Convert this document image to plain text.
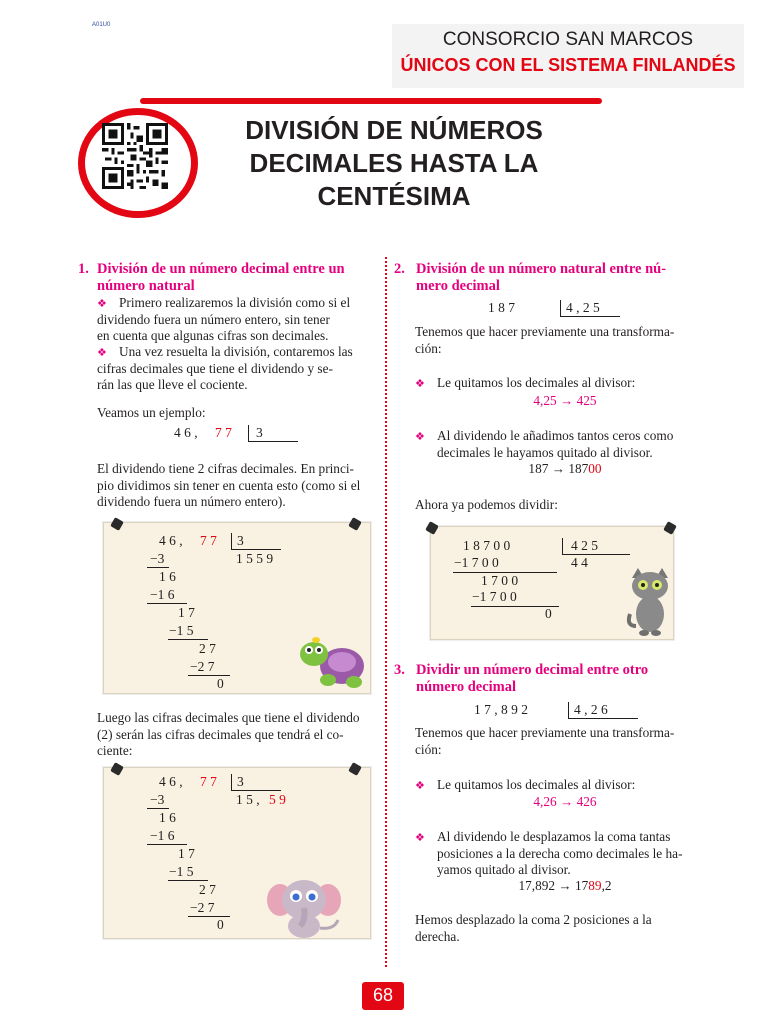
A01U0
CONSORCIO SAN MARCOS
ÚNICOS CON EL SISTEMA FINLANDÉS
DIVISIÓN DE NÚMEROS
DECIMALES HASTA LA
CENTÉSIMA
1. División de un número decimal entre un
número natural
❖ Primero realizaremos la división como si el
dividendo fuera un número entero, sin tener
en cuenta que algunas cifras son decimales.
❖ Una vez resuelta la división, contaremos las
cifras decimales que tiene el dividendo y se-
rán las que lleve el cociente.
Veamos un ejemplo:
4 6 , 7 7 3
El dividendo tiene 2 cifras decimales. En princi-
pio dividimos sin tener en cuenta esto (como si el
dividendo fuera un número entero).
4 6 , 7 7 3
1 5 5 9
−3
1 6
−1 6
1 7
−1 5
2 7
−2 7
0
Luego las cifras decimales que tiene el dividendo
(2) serán las cifras decimales que tendrá el co-
ciente:
4 6 , 7 7 3
1 5 , 5 9
−3
1 6
−1 6
1 7
−1 5
2 7
−2 7
0
2. División de un número natural entre nú-
mero decimal
1 8 7	4 , 2 5
Tenemos que hacer previamente una transforma-
ción:
❖ Le quitamos los decimales al divisor:
4,25 → 425
❖ Al dividendo le añadimos tantos ceros como
decimales le hayamos quitado al divisor.
187 → 18700
Ahora ya podemos dividir:
1 8 7 0 0	4 2 5
−1 7 0 0	4 4
1 7 0 0
−1 7 0 0
0
3. Dividir un número decimal entre otro
número decimal
1 7 , 8 9 2	4 , 2 6
Tenemos que hacer previamente una transforma-
ción:
❖ Le quitamos los decimales al divisor:
4,26 → 426
❖ Al dividendo le desplazamos la coma tantas
posiciones a la derecha como decimales le ha-
yamos quitado al divisor.
17,892 → 1789,2
Hemos desplazado la coma 2 posiciones a la
derecha.
68
